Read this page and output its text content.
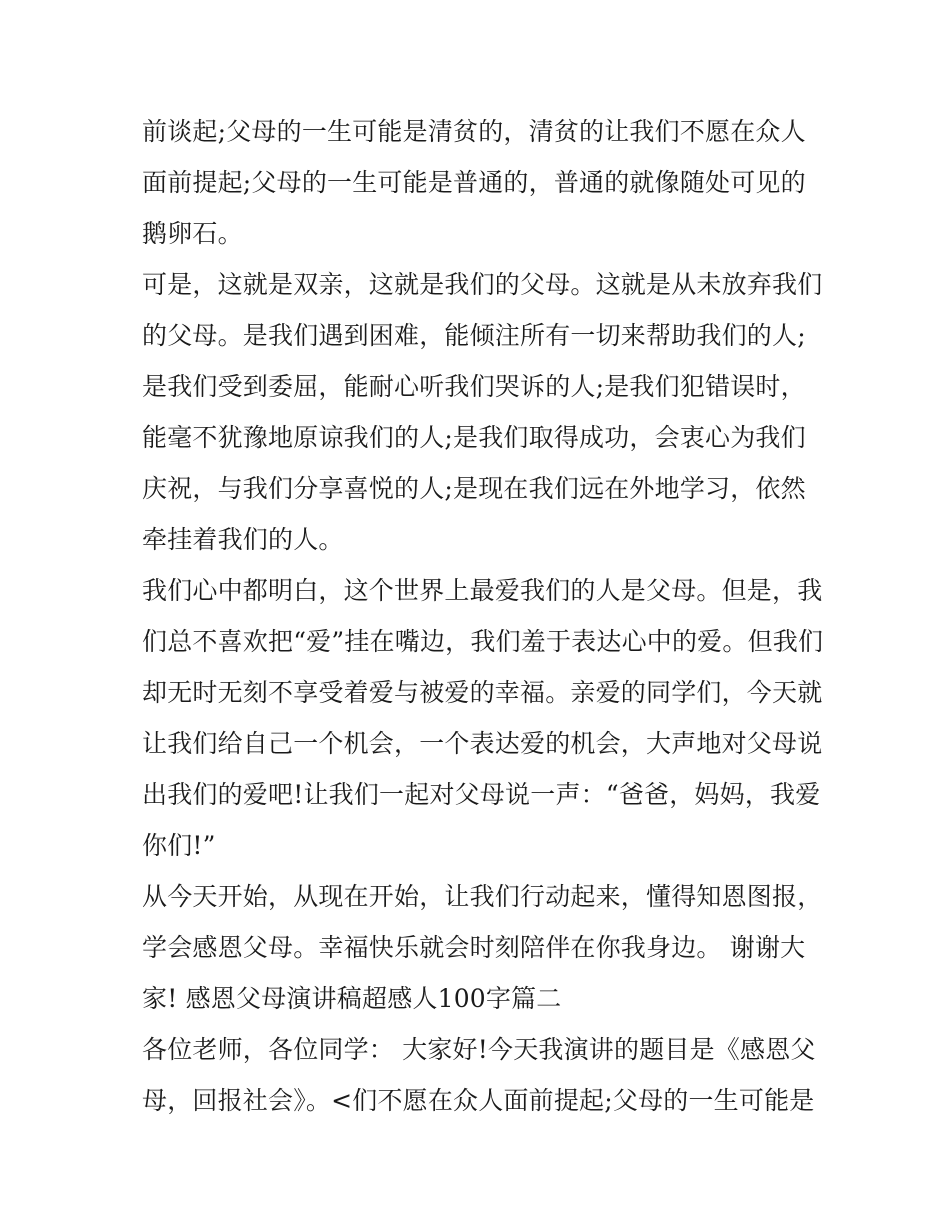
前谈起;父母的一生可能是清贫的，清贫的让我们不愿在众人
面前提起;父母的一生可能是普通的，普通的就像随处可见的
鹅卵石。
可是，这就是双亲，这就是我们的父母。这就是从未放弃我们
的父母。是我们遇到困难，能倾注所有一切来帮助我们的人;
是我们受到委屈，能耐心听我们哭诉的人;是我们犯错误时，
能毫不犹豫地原谅我们的人;是我们取得成功，会衷心为我们
庆祝，与我们分享喜悦的人;是现在我们远在外地学习，依然
牵挂着我们的人。
我们心中都明白，这个世界上最爱我们的人是父母。但是，我
们总不喜欢把“爱”挂在嘴边，我们羞于表达心中的爱。但我们
却无时无刻不享受着爱与被爱的幸福。亲爱的同学们，今天就
让我们给自己一个机会，一个表达爱的机会，大声地对父母说
出我们的爱吧!让我们一起对父母说一声：“爸爸，妈妈，我爱
你们!”
从今天开始，从现在开始，让我们行动起来，懂得知恩图报，
学会感恩父母。幸福快乐就会时刻陪伴在你我身边。 谢谢大
家! 感恩父母演讲稿超感人100字篇二
各位老师，各位同学： 大家好!今天我演讲的题目是《感恩父
母，回报社会》。<们不愿在众人面前提起;父母的一生可能是
